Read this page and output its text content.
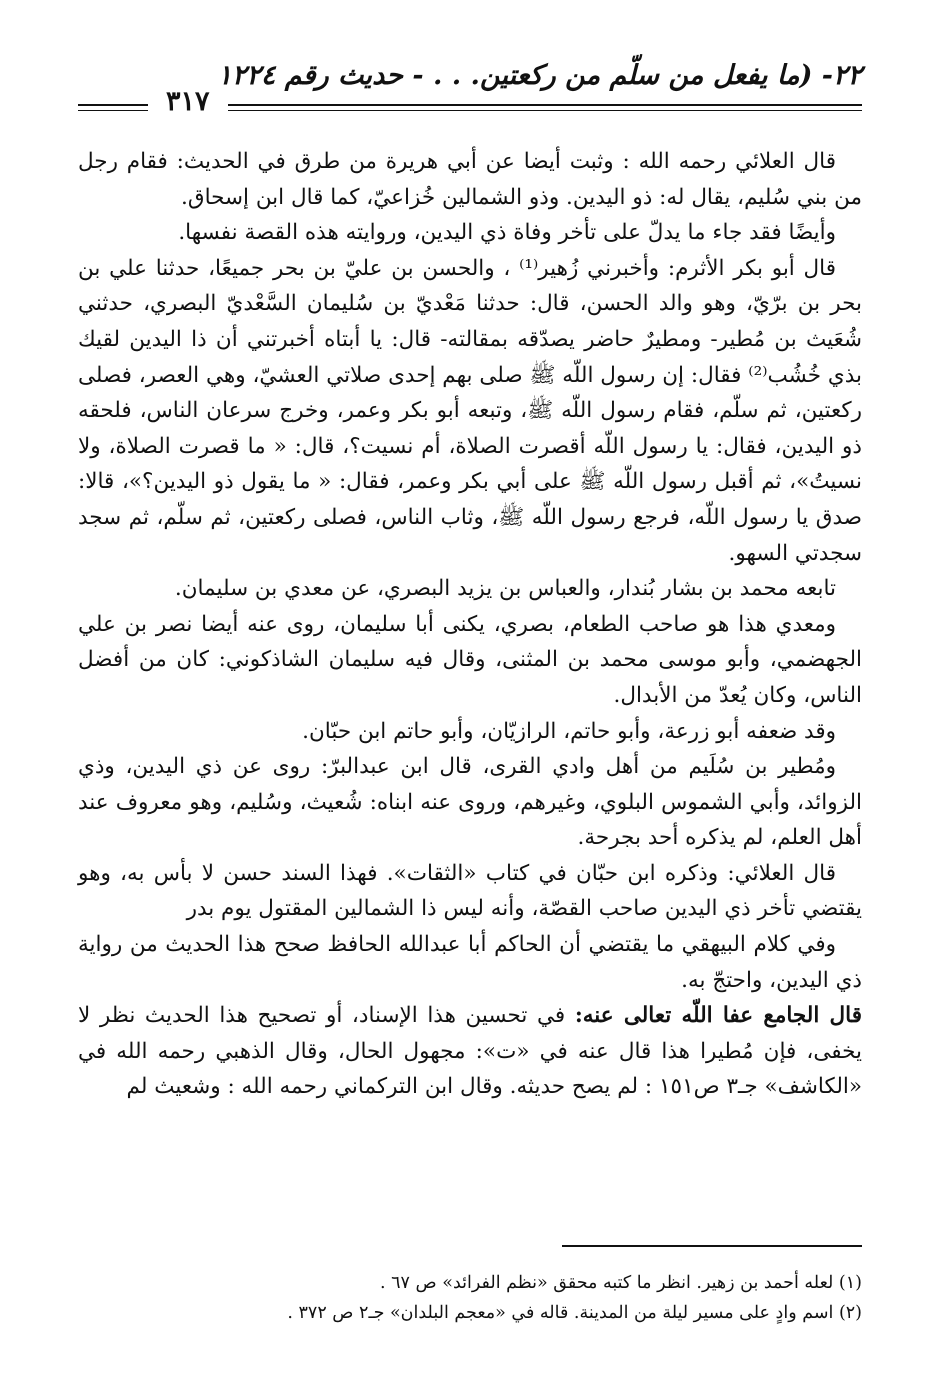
٢٢- (ما يفعل من سلّم من ركعتين. . . - حديث رقم ١٢٢٤
٣١٧

قال العلائي رحمه الله : وثبت أيضا عن أبي هريرة من طرق في الحديث: فقام رجل من بني سُليم، يقال له: ذو اليدين. وذو الشمالين خُزاعيّ، كما قال ابن إسحاق.

وأيضًا فقد جاء ما يدلّ على تأخر وفاة ذي اليدين، وروايته هذه القصة نفسها.

قال أبو بكر الأثرم: وأخبرني زُهير⁽¹⁾ ، والحسن بن عليّ بن بحر جميعًا، حدثنا علي بن بحر بن برّيّ، وهو والد الحسن، قال: حدثنا مَعْديّ بن سُليمان السَّعْديّ البصري، حدثني شُعَيث بن مُطير- ومطيرٌ حاضر يصدّقه بمقالته- قال: يا أبتاه أخبرتني أن ذا اليدين لقيك بذي خُشُب⁽²⁾ فقال: إن رسول اللّه ﷺ صلى بهم إحدى صلاتي العشيّ، وهي العصر، فصلى ركعتين، ثم سلّم، فقام رسول اللّه ﷺ، وتبعه أبو بكر وعمر، وخرج سرعان الناس، فلحقه ذو اليدين، فقال: يا رسول اللّه أقصرت الصلاة، أم نسيت؟، قال: « ما قصرت الصلاة، ولا نسيتُ»، ثم أقبل رسول اللّه ﷺ على أبي بكر وعمر، فقال: « ما يقول ذو اليدين؟»، قالا: صدق يا رسول اللّه، فرجع رسول اللّه ﷺ، وثاب الناس، فصلى ركعتين، ثم سلّم، ثم سجد سجدتي السهو.

تابعه محمد بن بشار بُندار، والعباس بن يزيد البصري، عن معدي بن سليمان.

ومعدي هذا هو صاحب الطعام، بصري، يكنى أبا سليمان، روى عنه أيضا نصر بن علي الجهضمي، وأبو موسى محمد بن المثنى، وقال فيه سليمان الشاذكوني: كان من أفضل الناس، وكان يُعدّ من الأبدال.

وقد ضعفه أبو زرعة، وأبو حاتم، الرازيّان، وأبو حاتم ابن حبّان.

ومُطير بن سُلَيم من أهل وادي القرى، قال ابن عبدالبرّ: روى عن ذي اليدين، وذي الزوائد، وأبي الشموس البلوي، وغيرهم، وروى عنه ابناه: شُعيث، وسُليم، وهو معروف عند أهل العلم، لم يذكره أحد بجرحة.

قال العلائي: وذكره ابن حبّان في كتاب «الثقات». فهذا السند حسن لا بأس به، وهو يقتضي تأخر ذي اليدين صاحب القصّة، وأنه ليس ذا الشمالين المقتول يوم بدر

وفي كلام البيهقي ما يقتضي أن الحاكم أبا عبدالله الحافظ صحح هذا الحديث من رواية ذي اليدين، واحتجّ به.

قال الجامع عفا اللّه تعالى عنه: في تحسين هذا الإسناد، أو تصحيح هذا الحديث نظر لا يخفى، فإن مُطيرا هذا قال عنه في «ت»: مجهول الحال، وقال الذهبي رحمه الله في «الكاشف» جـ٣ ص١٥١ : لم يصح حديثه. وقال ابن التركماني رحمه الله : وشعيث لم

(١) لعله أحمد بن زهير. انظر ما كتبه محقق «نظم الفرائد» ص ٦٧ .
(٢) اسم وادٍ على مسير ليلة من المدينة. قاله في «معجم البلدان» جـ٢ ص ٣٧٢ .
